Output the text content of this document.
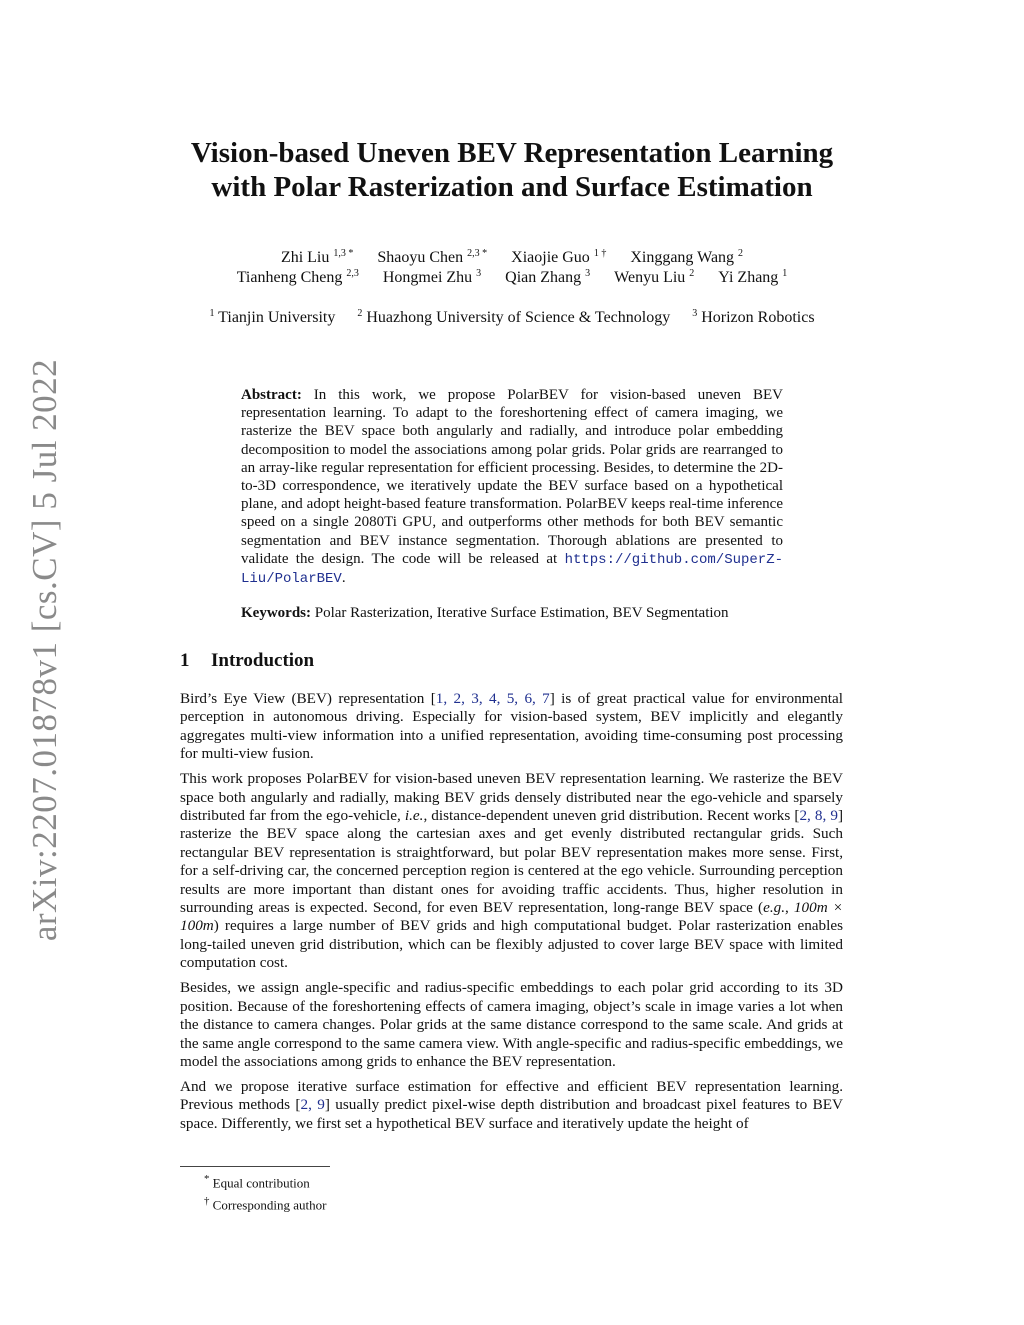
arXiv:2207.01878v1 [cs.CV] 5 Jul 2022
Vision-based Uneven BEV Representation Learning
with Polar Rasterization and Surface Estimation
Zhi Liu $^{1,3 *}$ Shaoyu Chen $^{2,3 *}$ Xiaojie Guo $^{1 \dagger}$ Xinggang Wang $^2$
Tianheng Cheng $^{2,3}$ Hongmei Zhu $^3$ Qian Zhang $^3$ Wenyu Liu $^2$ Yi Zhang $^1$
$^1$ Tianjin University $^2$ Huazhong University of Science & Technology $^3$ Horizon Robotics
Abstract: In this work, we propose PolarBEV for vision-based uneven BEV representation learning. To adapt to the foreshortening effect of camera imaging, we rasterize the BEV space both angularly and radially, and introduce polar embedding decomposition to model the associations among polar grids. Polar grids are rearranged to an array-like regular representation for efficient processing. Besides, to determine the 2D-to-3D correspondence, we iteratively update the BEV surface based on a hypothetical plane, and adopt height-based feature transformation. PolarBEV keeps real-time inference speed on a single 2080Ti GPU, and outperforms other methods for both BEV semantic segmentation and BEV instance segmentation. Thorough ablations are presented to validate the design. The code will be released at https://github.com/SuperZ-Liu/PolarBEV.
Keywords: Polar Rasterization, Iterative Surface Estimation, BEV Segmentation
1 Introduction

Bird’s Eye View (BEV) representation [1, 2, 3, 4, 5, 6, 7] is of great practical value for environmental perception in autonomous driving. Especially for vision-based system, BEV implicitly and elegantly aggregates multi-view information into a unified representation, avoiding time-consuming post processing for multi-view fusion.

This work proposes PolarBEV for vision-based uneven BEV representation learning. We rasterize the BEV space both angularly and radially, making BEV grids densely distributed near the ego-vehicle and sparsely distributed far from the ego-vehicle, i.e., distance-dependent uneven grid distribution. Recent works [2, 8, 9] rasterize the BEV space along the cartesian axes and get evenly distributed rectangular grids. Such rectangular BEV representation is straightforward, but polar BEV representation makes more sense. First, for a self-driving car, the concerned perception region is centered at the ego vehicle. Surrounding perception results are more important than distant ones for avoiding traffic accidents. Thus, higher resolution in surrounding areas is expected. Second, for even BEV representation, long-range BEV space (e.g., 100m × 100m) requires a large number of BEV grids and high computational budget. Polar rasterization enables long-tailed uneven grid distribution, which can be flexibly adjusted to cover large BEV space with limited computation cost.

Besides, we assign angle-specific and radius-specific embeddings to each polar grid according to its 3D position. Because of the foreshortening effects of camera imaging, object’s scale in image varies a lot when the distance to camera changes. Polar grids at the same distance correspond to the same scale. And grids at the same angle correspond to the same camera view. With angle-specific and radius-specific embeddings, we model the associations among grids to enhance the BEV representation.

And we propose iterative surface estimation for effective and efficient BEV representation learning. Previous methods [2, 9] usually predict pixel-wise depth distribution and broadcast pixel features to BEV space. Differently, we first set a hypothetical BEV surface and iteratively update the height of

* Equal contribution
† Corresponding author
